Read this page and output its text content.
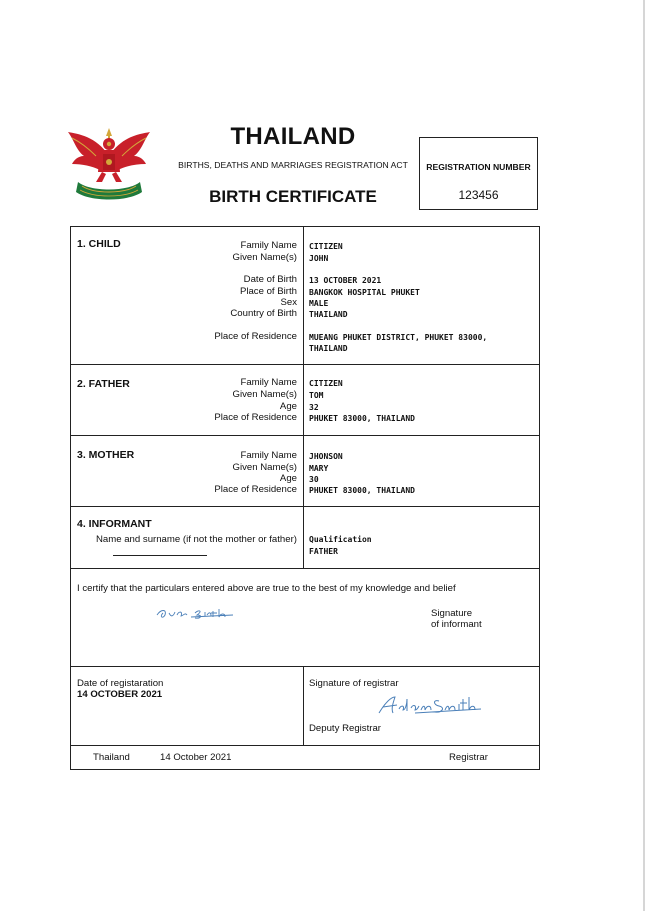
THAILAND
BIRTHS, DEATHS AND MARRIAGES REGISTRATION ACT
BIRTH CERTIFICATE
REGISTRATION NUMBER
123456
1. CHILD	Family Name CITIZEN
Given Name(s) JOHN
Date of Birth 13 OCTOBER 2021
Place of Birth BANGKOK HOSPITAL PHUKET
Sex MALE
Country of Birth THAILAND
Place of Residence MUEANG PHUKET DISTRICT, PHUKET 83000,
THAILAND
2. FATHER	Family Name CITIZEN
Given Name(s) TOM
Age 32
Place of Residence PHUKET 83000, THAILAND
3. MOTHER	Family Name JHONSON
Given Name(s) MARY
Age 30
Place of Residence PHUKET 83000, THAILAND
4. INFORMANT
Name and surname (if not the mother or father) Qualification
FATHER
I certify that the particulars entered above are true to the best of my knowledge and belief
Signature
of informant
Date of registaration
14 OCTOBER 2021
Signature of registrar
Deputy Registrar
Thailand	14 October 2021	Registrar
